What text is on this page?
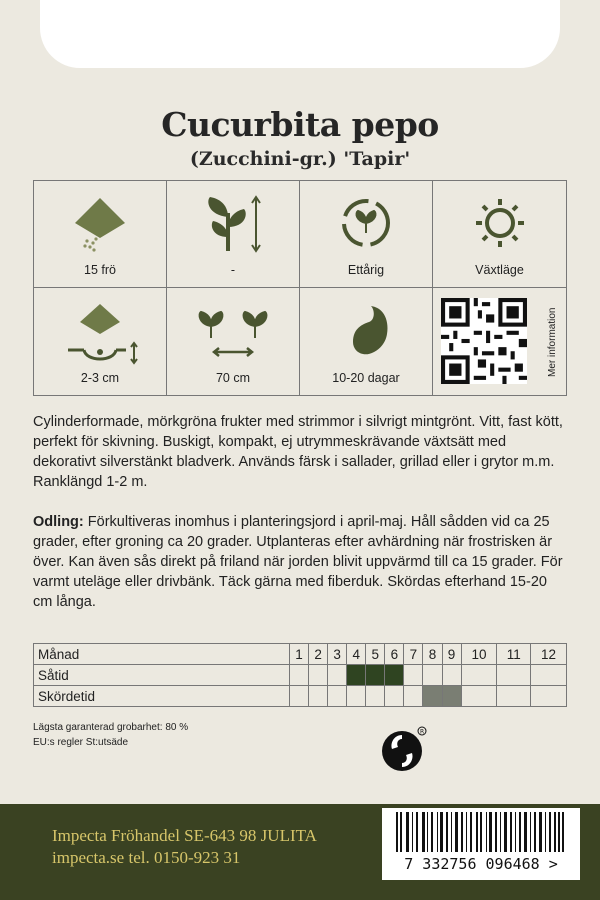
Cucurbita pepo
(Zucchini-gr.) 'Tapir'
15 frö	-	Ettårig	Växtläge
2-3 cm	70 cm	10-20 dagar
Mer information
Cylinderformade, mörkgröna frukter med strimmor i silvrigt mintgrönt. Vitt, fast kött, perfekt för skivning. Buskigt, kompakt, ej utrymmeskrävande växtsätt med dekorativt silverstänkt bladverk. Används färsk i sallader, grillad eller i grytor m.m. Ranklängd 1-2 m.
Odling: Förkultiveras inomhus i planteringsjord i april-maj. Håll sådden vid ca 25 grader, efter groning ca 20 grader. Utplanteras efter avhärdning när frostrisken är över. Kan även sås direkt på friland när jorden blivit uppvärmd till ca 15 grader. För varmt uteläge eller drivbänk. Täck gärna med fiberduk. Skördas efterhand 15-20 cm långa.
Månad	1	2	3	4	5	6	7	8	9	10	11	12
Såtid												
Skördetid												
Lägsta garanterad grobarhet: 80 %
EU:s regler St:utsäde
R
Impecta Fröhandel SE-643 98 JULITA
impecta.se tel. 0150-923 31	7 332756 096468 >
